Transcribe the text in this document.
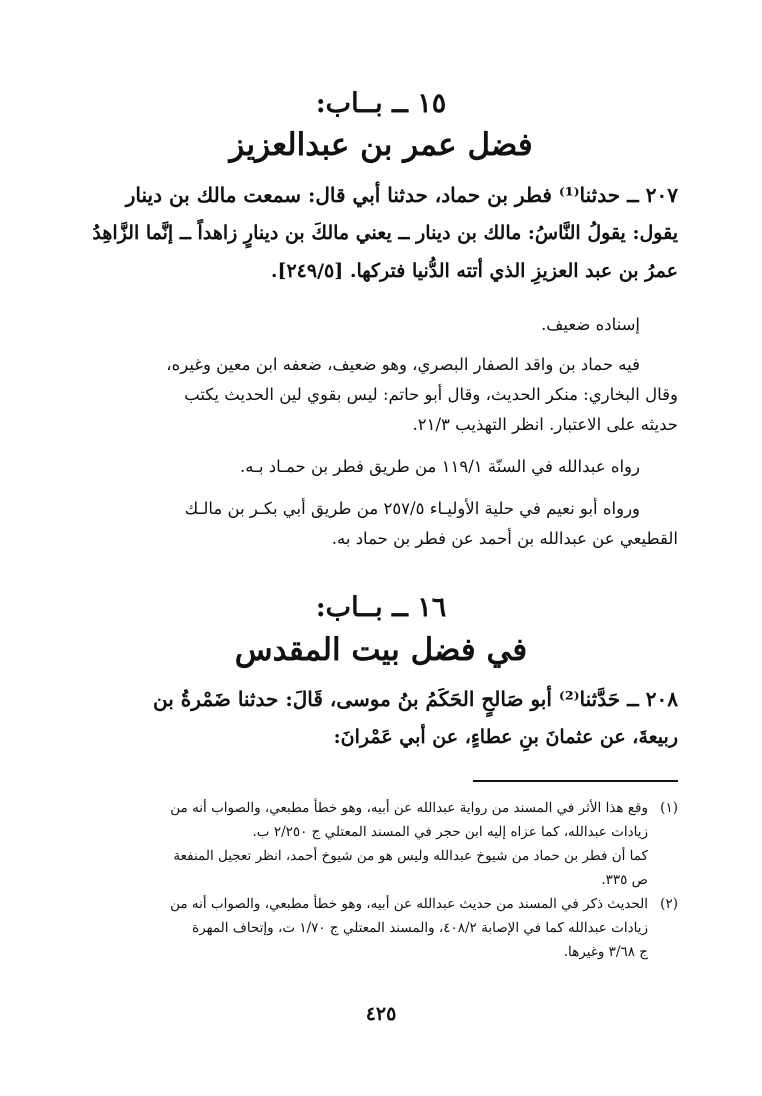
١٥ ــ بــاب:
فضل عمر بن عبدالعزيز
٢٠٧ ــ حدثنا⁽¹⁾ فطر بن حماد، حدثنا أبي قال: سمعت مالك بن دينار
يقول: يقولُ النَّاسُ: مالك بن دينار ــ يعني مالكَ بن دينارٍ زاهداً ــ إنَّما الزَّاهِدُ
عمرُ بن عبد العزيزِ الذي أتته الدُّنيا فتركها. [٢٤٩/٥].

إسناده ضعيف.

فيه حماد بن واقد الصفار البصري، وهو ضعيف، ضعفه ابن معين وغيره،

وقال البخاري: منكر الحديث، وقال أبو حاتم: ليس بقوي لين الحديث يكتب

حديثه على الاعتبار. انظر التهذيب ٢١/٣.

رواه عبدالله في السنّة ١١٩/١ من طريق فطر بن حمـاد بـه.

ورواه أبو نعيم في حلية الأوليـاء ٢٥٧/٥ من طريق أبي بكـر بن مالـك

القطيعي عن عبدالله بن أحمد عن فطر بن حماد به.

١٦ ــ بــاب:
في فضل بيت المقدس
٢٠٨ ــ حَدَّثنا⁽²⁾ أبو صَالحٍ الحَكَمُ بنُ موسى، قَالَ: حدثنا ضَمْرةُ بن
ربيعةَ، عن عثمانَ بنِ عطاءٍ، عن أبي عَمْرانَ:

(١)وقع هذا الأثر في المسند من رواية عبدالله عن أبيه، وهو خطأ مطبعي، والصواب أنه من

زيادات عبدالله، كما عزاه إليه ابن حجر في المسند المعتلي ج ٢/٢٥٠ ب.

كما أن فطر بن حماد من شيوخ عبدالله وليس هو من شيوخ أحمد، انظر تعجيل المنفعة

ص ٣٣٥.

(٢)الحديث ذكر في المسند من حديث عبدالله عن أبيه، وهو خطأ مطبعي، والصواب أنه من

زيادات عبدالله كما في الإصابة ٤٠٨/٢، والمسند المعتلي ج ١/٧٠ ت، وإتحاف المهرة

ج ٣/٦٨ وغيرها.

٤٢٥
